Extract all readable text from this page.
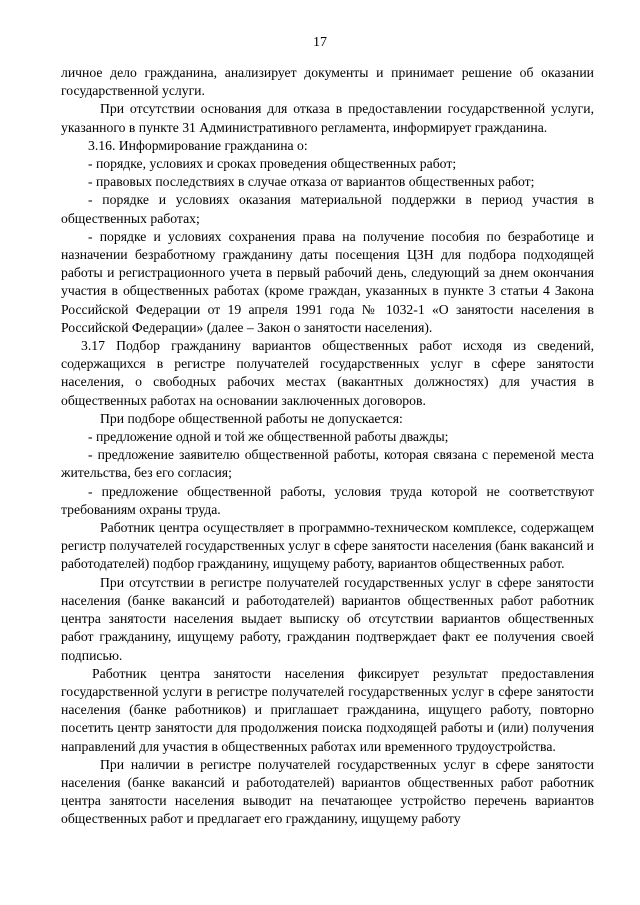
17

личное дело гражданина, анализирует документы и принимает решение об оказании государственной услуги.

При отсутствии основания для отказа в предоставлении государственной услуги, указанного в пункте 31 Административного регламента, информирует гражданина.

3.16. Информирование гражданина о:

- порядке, условиях и сроках проведения общественных работ;

- правовых последствиях в случае отказа от вариантов общественных работ;

- порядке и условиях оказания материальной поддержки в период участия в общественных работах;

- порядке и условиях сохранения права на получение пособия по безработице и назначении безработному гражданину даты посещения ЦЗН для подбора подходящей работы и регистрационного учета в первый рабочий день, следующий за днем окончания участия в общественных работах (кроме граждан, указанных в пункте 3 статьи 4 Закона Российской Федерации от 19 апреля 1991 года № 1032-1 «О занятости населения в Российской Федерации» (далее – Закон о занятости населения).

3.17 Подбор гражданину вариантов общественных работ исходя из сведений, содержащихся в регистре получателей государственных услуг в сфере занятости населения, о свободных рабочих местах (вакантных должностях) для участия в общественных работах на основании заключенных договоров.

При подборе общественной работы не допускается:

- предложение одной и той же общественной работы дважды;

- предложение заявителю общественной работы, которая связана с переменой места жительства, без его согласия;

- предложение общественной работы, условия труда которой не соответствуют требованиям охраны труда.

Работник центра осуществляет в программно-техническом комплексе, содержащем регистр получателей государственных услуг в сфере занятости населения (банк вакансий и работодателей) подбор гражданину, ищущему работу, вариантов общественных работ.

При отсутствии в регистре получателей государственных услуг в сфере занятости населения (банке вакансий и работодателей) вариантов общественных работ работник центра занятости населения выдает выписку об отсутствии вариантов общественных работ гражданину, ищущему работу, гражданин подтверждает факт ее получения своей подписью.

Работник центра занятости населения фиксирует результат предоставления государственной услуги в регистре получателей государственных услуг в сфере занятости населения (банке работников) и приглашает гражданина, ищущего работу, повторно посетить центр занятости для продолжения поиска подходящей работы и (или) получения направлений для участия в общественных работах или временного трудоустройства.

При наличии в регистре получателей государственных услуг в сфере занятости населения (банке вакансий и работодателей) вариантов общественных работ работник центра занятости населения выводит на печатающее устройство перечень вариантов общественных работ и предлагает его гражданину, ищущему работу
